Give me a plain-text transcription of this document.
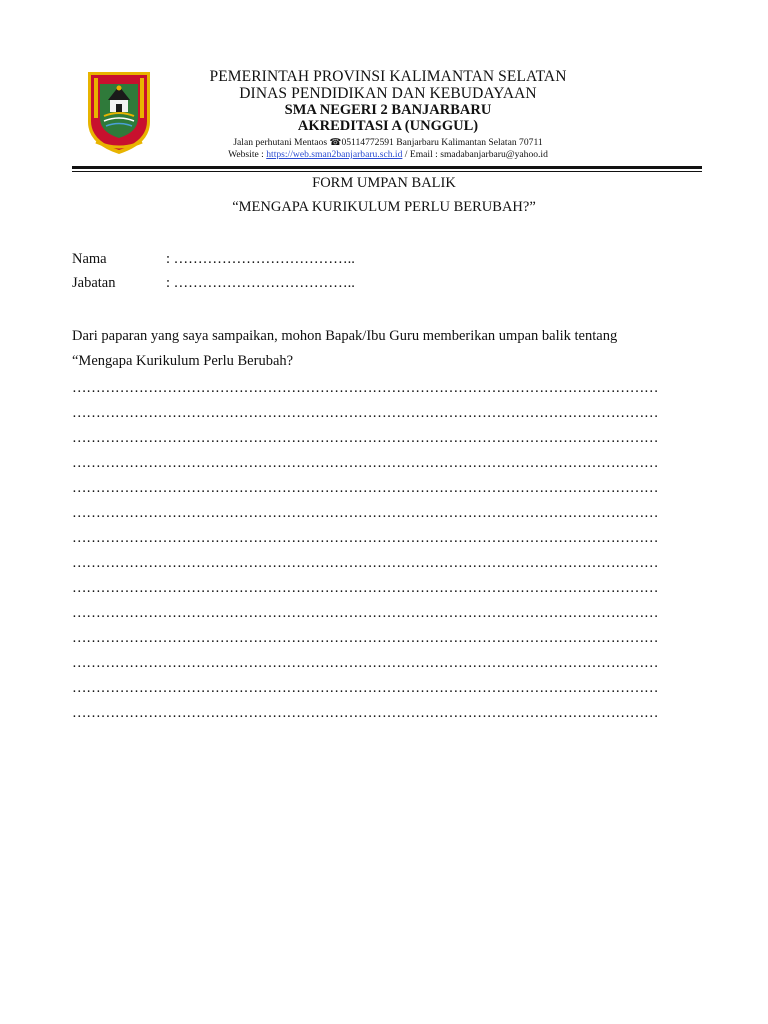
PEMERINTAH PROVINSI KALIMANTAN SELATAN
DINAS PENDIDIKAN DAN KEBUDAYAAN
SMA NEGERI 2 BANJARBARU
AKREDITASI A (UNGGUL)
Jalan perhutani Mentaos ☎05114772591 Banjarbaru Kalimantan Selatan 70711
Website : https://web.sman2banjarbaru.sch.id / Email : smadabanjarbaru@yahoo.id
FORM UMPAN BALIK
“MENGAPA KURIKULUM PERLU BERUBAH?”
Nama	: ………………………………..
Jabatan	: ………………………………..
Dari paparan yang saya sampaikan, mohon Bapak/Ibu Guru memberikan umpan balik tentang
“Mengapa Kurikulum Perlu Berubah?
……………………………………………………………………………………………………………
……………………………………………………………………………………………………………
……………………………………………………………………………………………………………
……………………………………………………………………………………………………………
……………………………………………………………………………………………………………
……………………………………………………………………………………………………………
……………………………………………………………………………………………………………
……………………………………………………………………………………………………………
……………………………………………………………………………………………………………
……………………………………………………………………………………………………………
……………………………………………………………………………………………………………
……………………………………………………………………………………………………………
……………………………………………………………………………………………………………
……………………………………………………………………………………………………………
